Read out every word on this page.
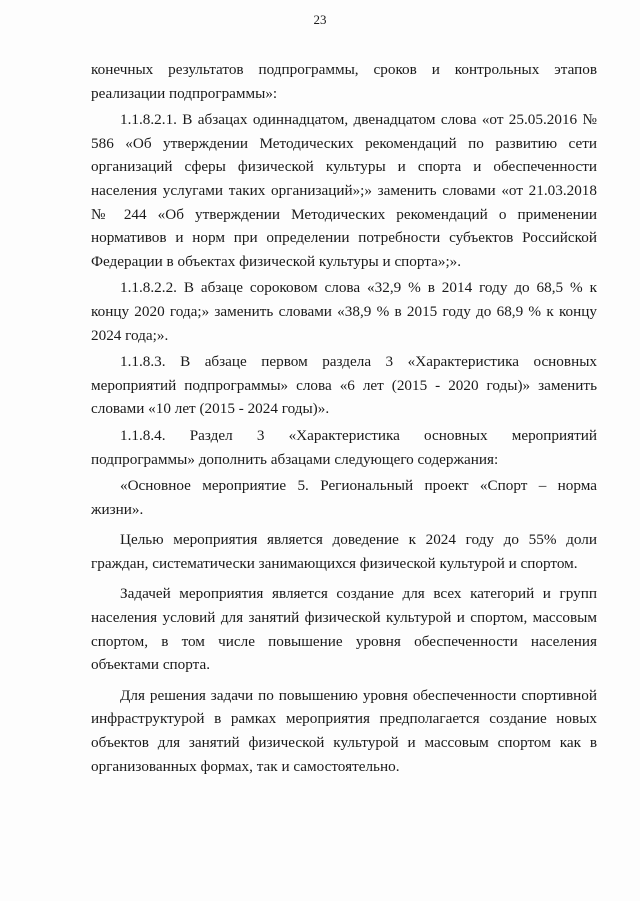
23

конечных результатов подпрограммы, сроков и контрольных этапов реализации подпрограммы»:

1.1.8.2.1. В абзацах одиннадцатом, двенадцатом слова «от 25.05.2016 № 586 «Об утверждении Методических рекомендаций по развитию сети организаций сферы физической культуры и спорта и обеспеченности населения услугами таких организаций»;» заменить словами «от 21.03.2018 № 244 «Об утверждении Методических рекомендаций о применении нормативов и норм при определении потребности субъектов Российской Федерации в объектах физической культуры и спорта»;».

1.1.8.2.2. В абзаце сороковом слова «32,9 % в 2014 году до 68,5 % к концу 2020 года;» заменить словами «38,9 % в 2015 году до 68,9 % к концу 2024 года;».

1.1.8.3. В абзаце первом раздела 3 «Характеристика основных мероприятий подпрограммы» слова «6 лет (2015 - 2020 годы)» заменить словами «10 лет (2015 - 2024 годы)».

1.1.8.4. Раздел 3 «Характеристика основных мероприятий подпрограммы» дополнить абзацами следующего содержания:

«Основное мероприятие 5. Региональный проект «Спорт – норма жизни».

Целью мероприятия является доведение к 2024 году до 55% доли граждан, систематически занимающихся физической культурой и спортом.

Задачей мероприятия является создание для всех категорий и групп населения условий для занятий физической культурой и спортом, массовым спортом, в том числе повышение уровня обеспеченности населения объектами спорта.

Для решения задачи по повышению уровня обеспеченности спортивной инфраструктурой в рамках мероприятия предполагается создание новых объектов для занятий физической культурой и массовым спортом как в организованных формах, так и самостоятельно.
